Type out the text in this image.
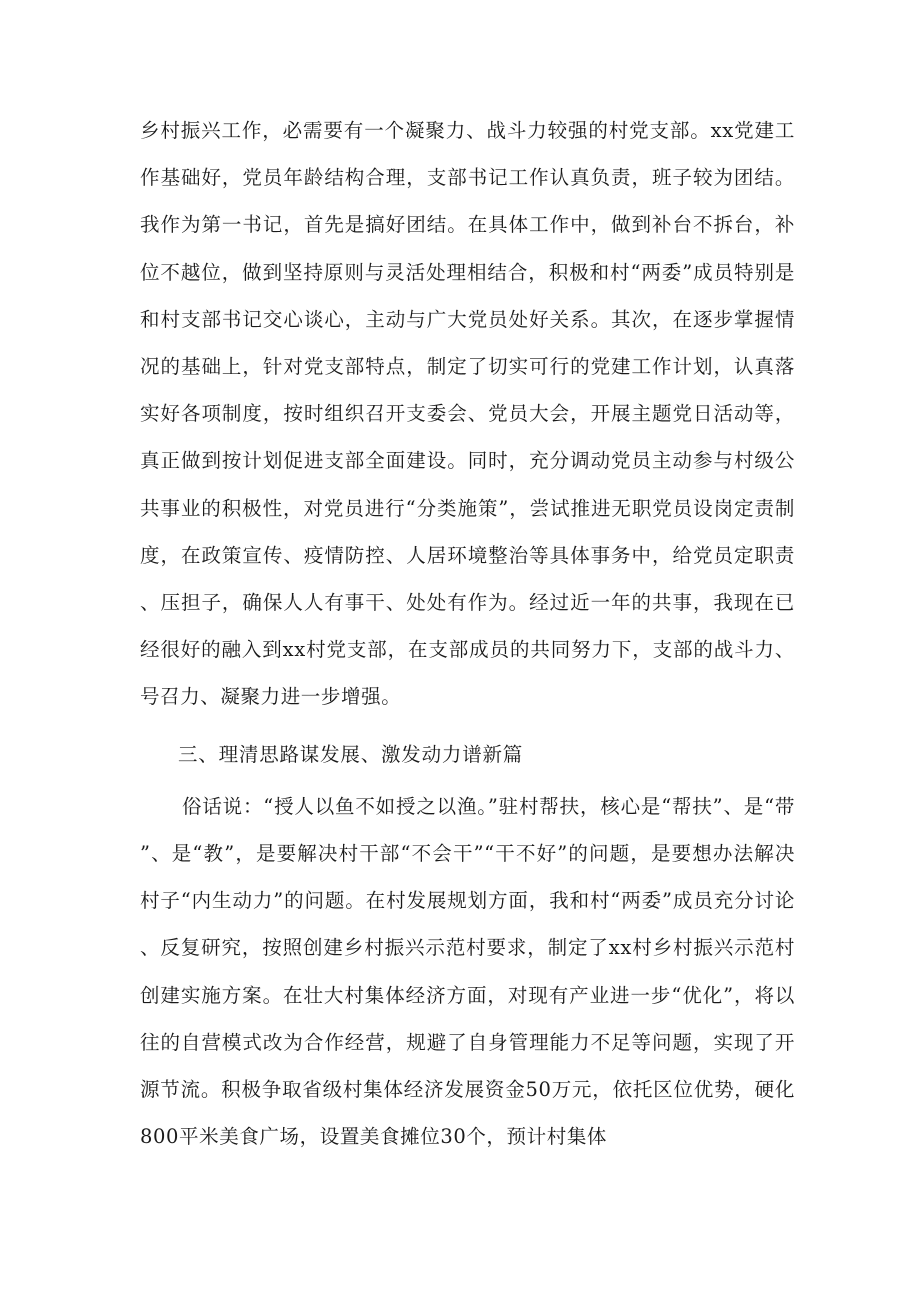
乡村振兴工作，必需要有一个凝聚力、战斗力较强的村党支部。xx党建工作基础好，党员年龄结构合理，支部书记工作认真负责，班子较为团结。我作为第一书记，首先是搞好团结。在具体工作中，做到补台不拆台，补位不越位，做到坚持原则与灵活处理相结合，积极和村“两委”成员特别是和村支部书记交心谈心，主动与广大党员处好关系。其次，在逐步掌握情况的基础上，针对党支部特点，制定了切实可行的党建工作计划，认真落实好各项制度，按时组织召开支委会、党员大会，开展主题党日活动等，真正做到按计划促进支部全面建设。同时，充分调动党员主动参与村级公共事业的积极性，对党员进行“分类施策”，尝试推进无职党员设岗定责制度，在政策宣传、疫情防控、人居环境整治等具体事务中，给党员定职责、压担子，确保人人有事干、处处有作为。经过近一年的共事，我现在已经很好的融入到xx村党支部，在支部成员的共同努力下，支部的战斗力、号召力、凝聚力进一步增强。

三、理清思路谋发展、激发动力谱新篇

俗话说：“授人以鱼不如授之以渔。”驻村帮扶，核心是“帮扶”、是“带”、是“教”，是要解决村干部“不会干”“干不好”的问题，是要想办法解决村子“内生动力”的问题。在村发展规划方面，我和村“两委”成员充分讨论、反复研究，按照创建乡村振兴示范村要求，制定了xx村乡村振兴示范村创建实施方案。在壮大村集体经济方面，对现有产业进一步“优化”，将以往的自营模式改为合作经营，规避了自身管理能力不足等问题，实现了开源节流。积极争取省级村集体经济发展资金50万元，依托区位优势，硬化800平米美食广场，设置美食摊位30个，预计村集体
